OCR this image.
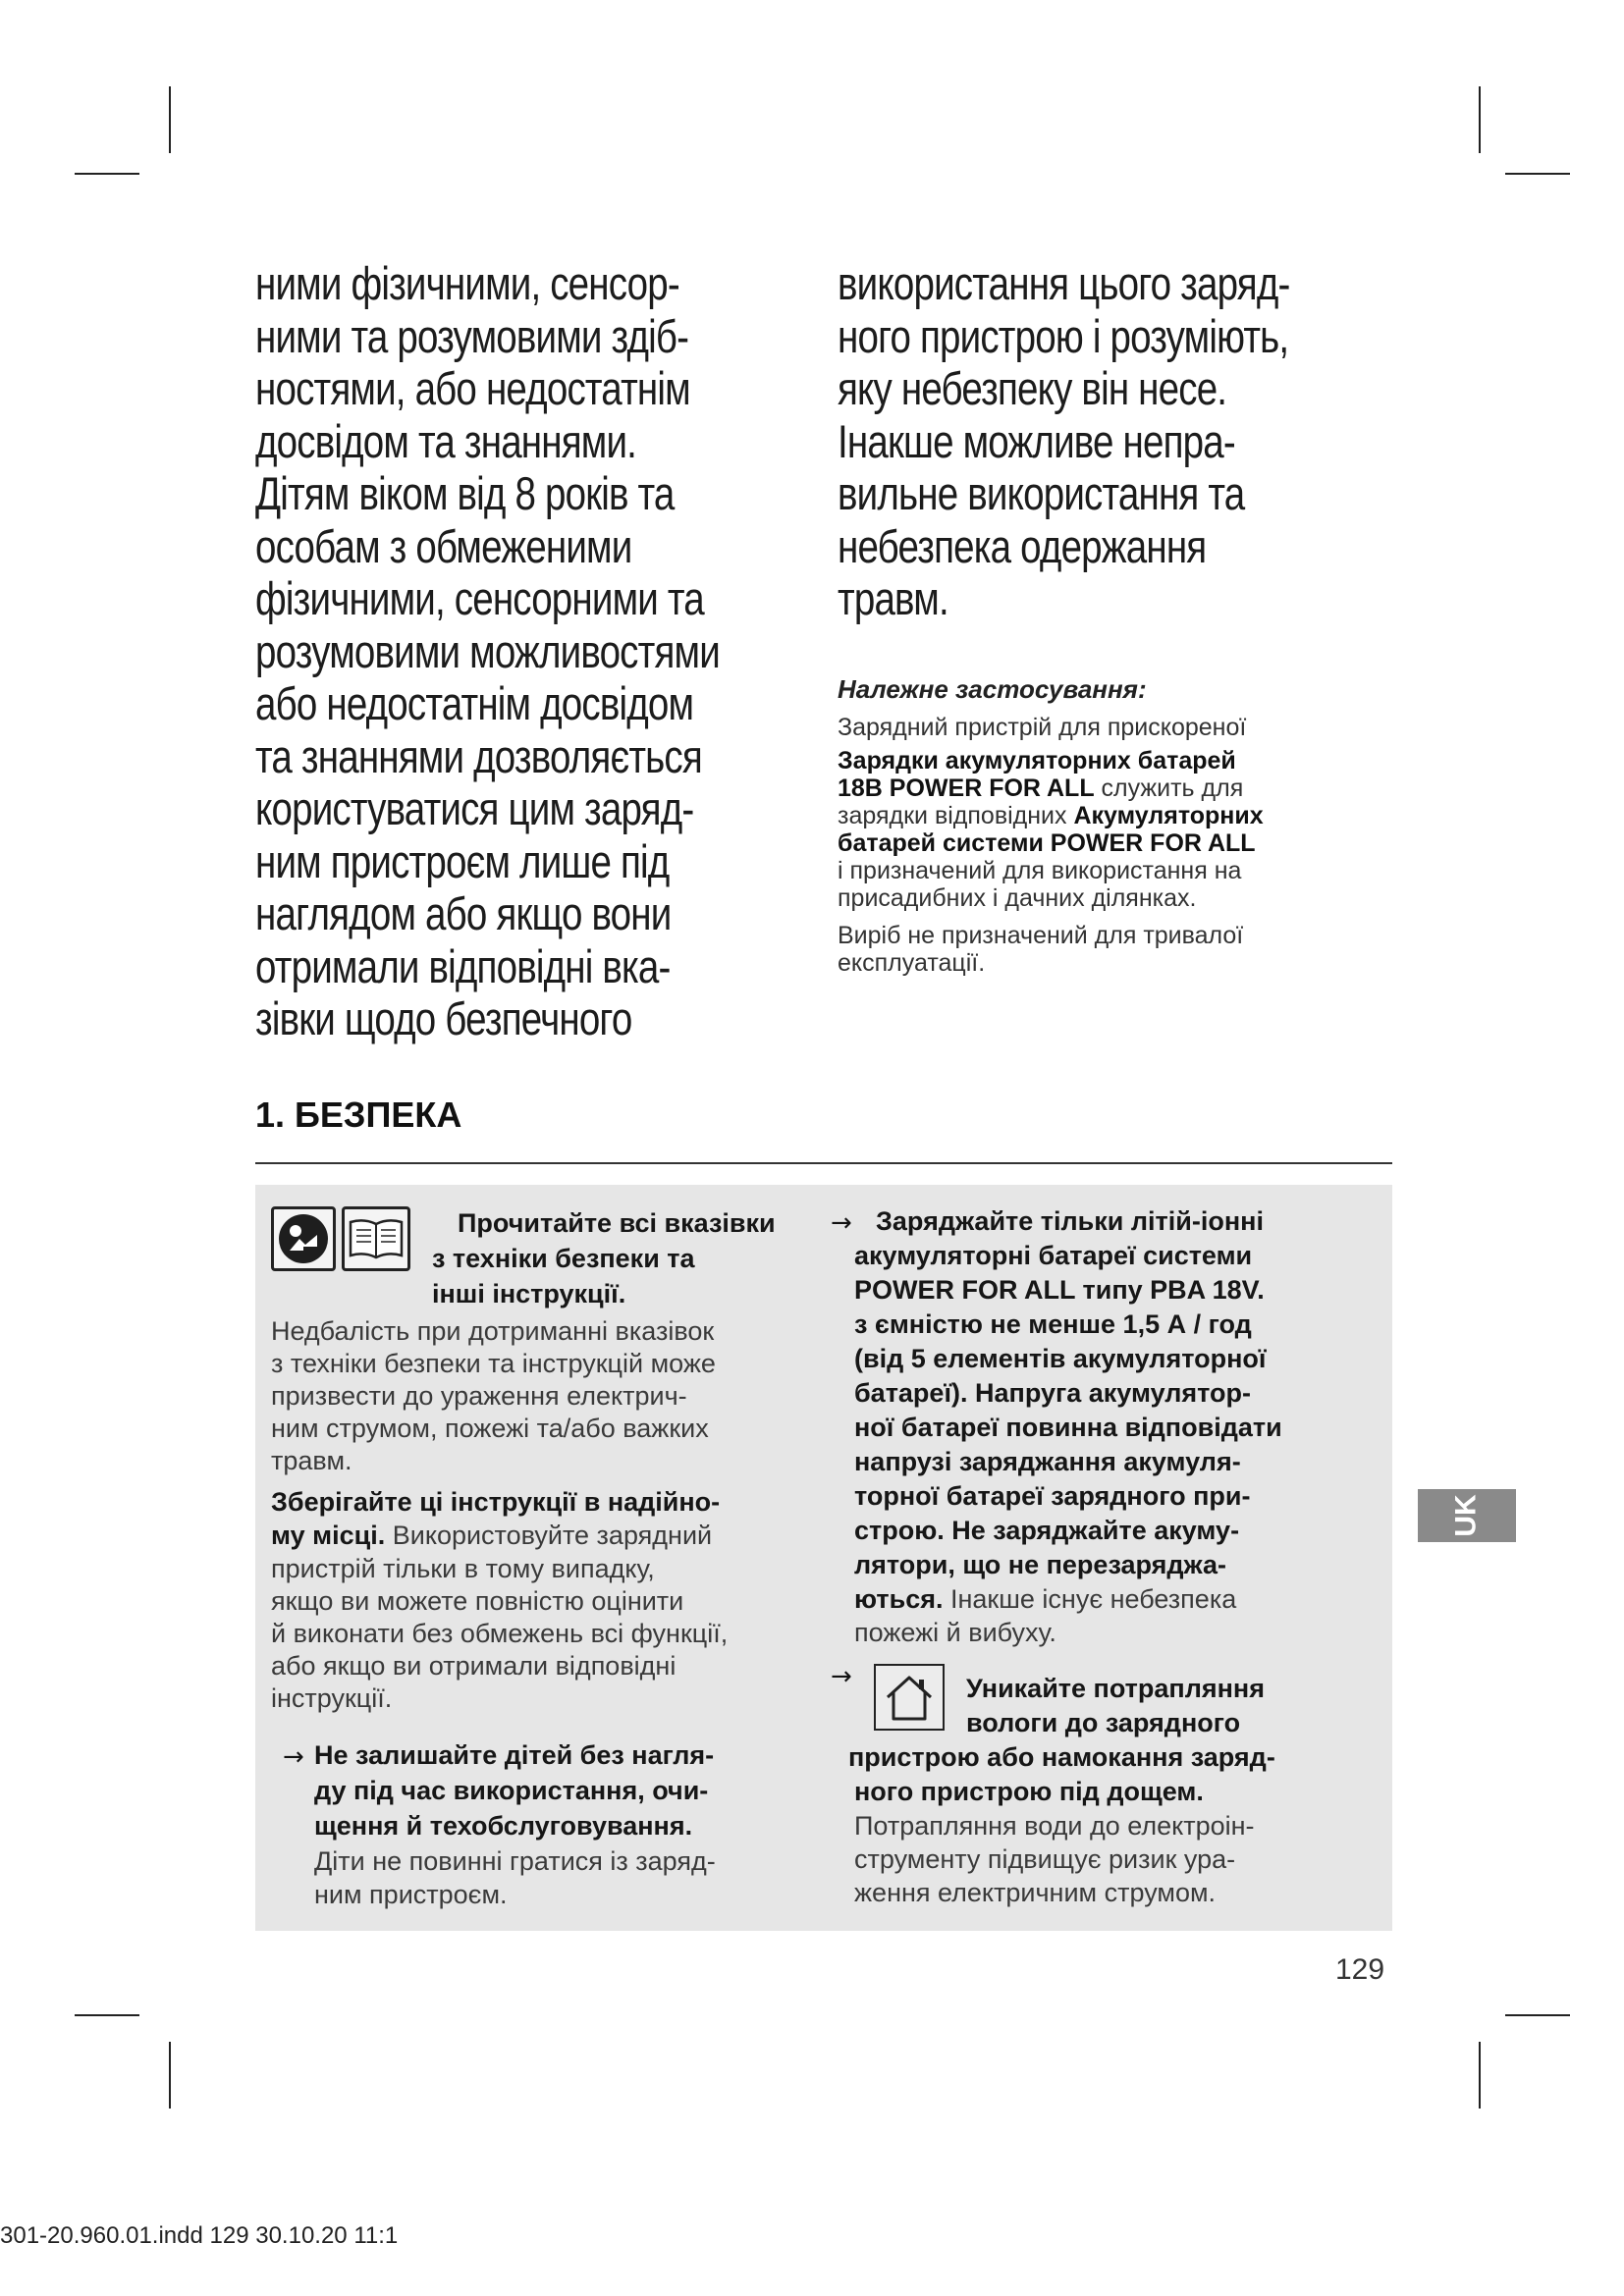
ними фізичними, сенсор-
ними та розумовими здіб-
ностями, або недостатнім
досвідом та знаннями.
Дітям віком від 8 років та
особам з обмеженими
фізичними, сенсорними та
розумовими можливостями
або недостатнім досвідом
та знаннями дозволяється
користуватися цим заряд-
ним пристроєм лише під
наглядом або якщо вони
отримали відповідні вка-
зівки щодо безпечного
використання цього заряд-
ного пристрою і розуміють,
яку небезпеку він несе.
Інакше можливе непра-
вильне використання та
небезпека одержання
травм.
Належне застосування:
Зарядний пристрій для прискореної
Зарядки акумуляторних батарей
18В POWER FOR ALL служить для
зарядки відповідних Акумуляторних
батарей системи POWER FOR ALL
і призначений для використання на
присадибних і дачних ділянках.
Виріб не призначений для тривалої
експлуатації.
1. БЕЗПЕКА
Прочитайте всі вказівки
з техніки безпеки та
інші інструкції.
Недбалість при дотриманні вказівок
з техніки безпеки та інструкцій може
призвести до ураження електрич-
ним струмом, пожежі та/або важких
травм.
Зберігайте ці інструкції в надійно-
му місці. Використовуйте зарядний
пристрій тільки в тому випадку,
якщо ви можете повністю оцінити
й виконати без обмежень всі функції,
або якщо ви отримали відповідні
інструкції.
→ Не залишайте дітей без нагля-
ду під час використання, очи-
щення й техобслуговування.
Діти не повинні гратися із заряд-
ним пристроєм.
→ Заряджайте тільки літій-іонні
акумуляторні батареї системи
POWER FOR ALL типу PBA 18V.
з ємністю не менше 1,5 А / год
(від 5 елементів акумуляторної
батареї). Напруга акумулятор-
ної батареї повинна відповідати
напрузі заряджання акумуля-
торної батареї зарядного при-
строю. Не заряджайте акуму-
лятори, що не перезаряджа-
ються. Інакше існує небезпека
пожежі й вибуху.
→	Уникайте потрапляння
вологи до зарядного
пристрою або намокання заряд-
ного пристрою під дощем.
Потрапляння води до електроін-
струменту підвищує ризик ура-
ження електричним струмом.
129
UK
301-20.960.01.indd 129 30.10.20 11:1
